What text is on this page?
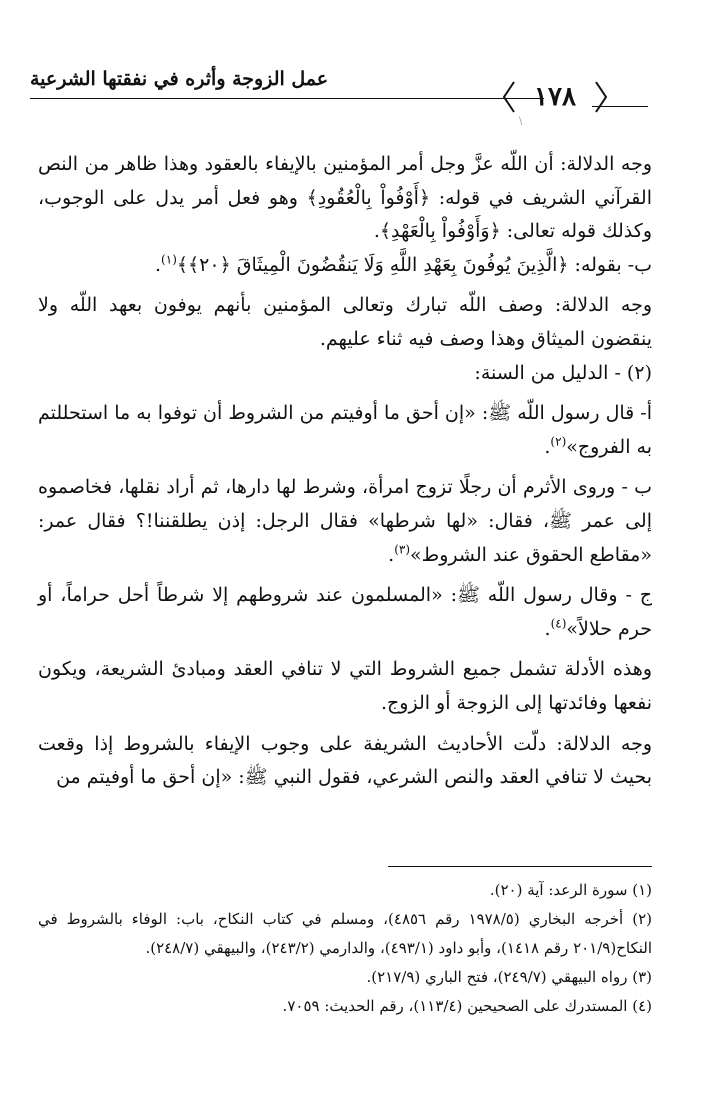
عمل الزوجة وأثره في نفقتها الشرعية
١٧٨
\

وجه الدلالة: أن اللّه عزَّ وجل أمر المؤمنين بالإيفاء بالعقود وهذا ظاهر من النص القرآني الشريف في قوله: ﴿أَوْفُواْ بِالْعُقُودِ﴾ وهو فعل أمر يدل على الوجوب، وكذلك قوله تعالى: ﴿وَأَوْفُواْ بِالْعَهْدِ﴾.

ب- بقوله: ﴿الَّذِينَ يُوفُونَ بِعَهْدِ اللَّهِ وَلَا يَنقُضُونَ الْمِيثَاقَ ﴿٢٠﴾﴾$^{(١)}$.

وجه الدلالة: وصف اللّه تبارك وتعالى المؤمنين بأنهم يوفون بعهد اللّه ولا ينقضون الميثاق وهذا وصف فيه ثناء عليهم.

(٢) - الدليل من السنة:

أ- قال رسول اللّه ﷺ: «إن أحق ما أوفيتم من الشروط أن توفوا به ما استحللتم به الفروج»$^{(٢)}$.

ب - وروى الأثرم أن رجلًا تزوج امرأة، وشرط لها دارها، ثم أراد نقلها، فخاصموه إلى عمر ﷺ، فقال: «لها شرطها» فقال الرجل: إذن يطلقننا!؟ فقال عمر: «مقاطع الحقوق عند الشروط»$^{(٣)}$.

ج - وقال رسول اللّه ﷺ: «المسلمون عند شروطهم إلا شرطاً أحل حراماً، أو حرم حلالاً»$^{(٤)}$.

وهذه الأدلة تشمل جميع الشروط التي لا تنافي العقد ومبادئ الشريعة، ويكون نفعها وفائدتها إلى الزوجة أو الزوج.

وجه الدلالة: دلّت الأحاديث الشريفة على وجوب الإيفاء بالشروط إذا وقعت بحيث لا تنافي العقد والنص الشرعي، فقول النبي ﷺ: «إن أحق ما أوفيتم من

(١) سورة الرعد: آية (٢٠).

(٢) أخرجه البخاري (١٩٧٨/٥ رقم ٤٨٥٦)، ومسلم في كتاب النكاح، باب: الوفاء بالشروط في النكاح(٢٠١/٩ رقم ١٤١٨)، وأبو داود (٤٩٣/١)، والدارمي (٢٤٣/٢)، والبيهقي (٢٤٨/٧).

(٣) رواه البيهقي (٢٤٩/٧)، فتح الباري (٢١٧/٩).

(٤) المستدرك على الصحيحين (١١٣/٤)، رقم الحديث: ٧٠٥٩.
